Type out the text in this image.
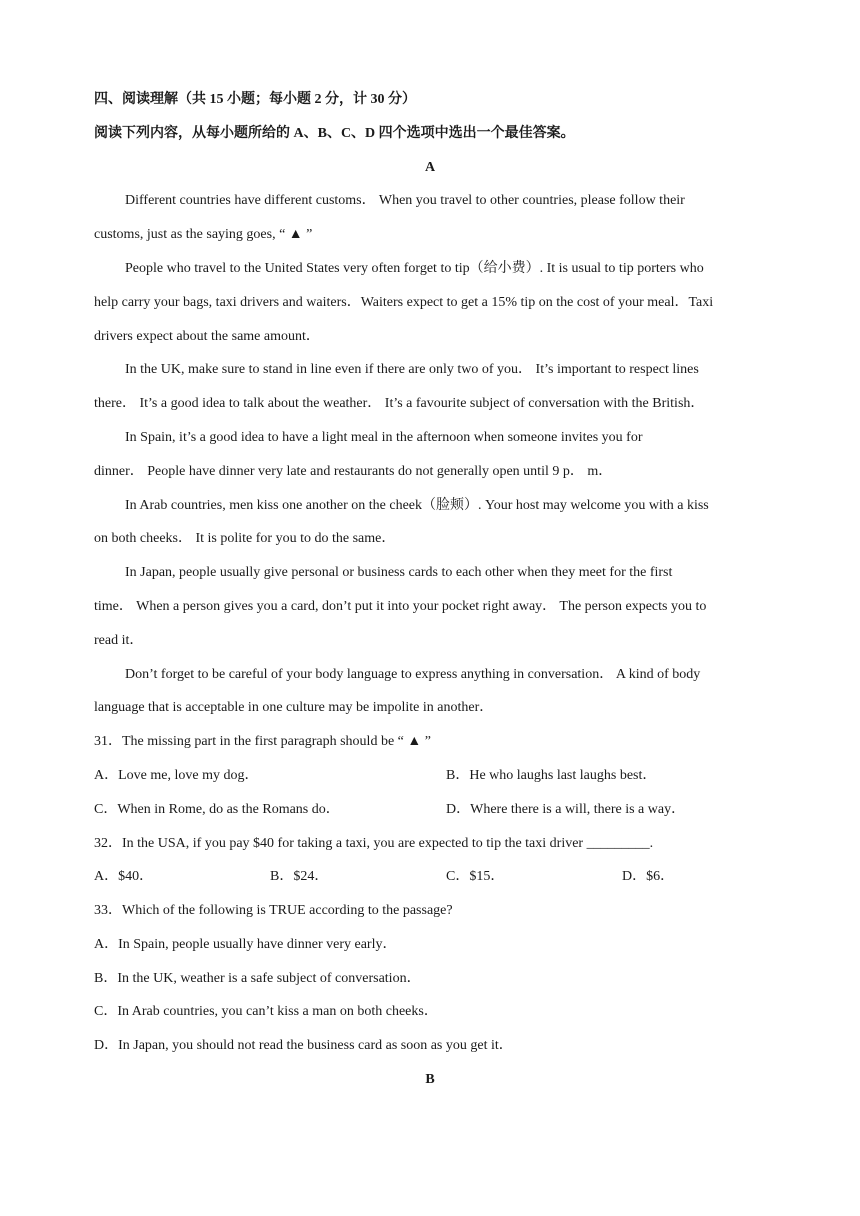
四、阅读理解（共 15 小题；每小题 2 分，计 30 分）
阅读下列内容，从每小题所给的 A、B、C、D 四个选项中选出一个最佳答案。
A
Different countries have different customs． When you travel to other countries, please follow their
customs, just as the saying goes, “ ▲ ”
People who travel to the United States very often forget to tip（给小费）. It is usual to tip porters who
help carry your bags, taxi drivers and waiters．Waiters expect to get a 15% tip on the cost of your meal．Taxi
drivers expect about the same amount．
In the UK, make sure to stand in line even if there are only two of you． It’s important to respect lines
there． It’s a good idea to talk about the weather． It’s a favourite subject of conversation with the British．
In Spain, it’s a good idea to have a light meal in the afternoon when someone invites you for
dinner． People have dinner very late and restaurants do not generally open until 9 p． m．
In Arab countries, men kiss one another on the cheek（脸颊）. Your host may welcome you with a kiss
on both cheeks． It is polite for you to do the same．
In Japan, people usually give personal or business cards to each other when they meet for the first
time． When a person gives you a card, don’t put it into your pocket right away． The person expects you to
read it．
Don’t forget to be careful of your body language to express anything in conversation． A kind of body
language that is acceptable in one culture may be impolite in another．
31．The missing part in the first paragraph should be “ ▲ ”
A．Love me, love my dog．	B．He who laughs last laughs best．
C．When in Rome, do as the Romans do．	D．Where there is a will, there is a way．
32．In the USA, if you pay $40 for taking a taxi, you are expected to tip the taxi driver _________.
A．$40．	B．$24．	C．$15．	D．$6．
33．Which of the following is TRUE according to the passage?
A．In Spain, people usually have dinner very early．
B．In the UK, weather is a safe subject of conversation．
C．In Arab countries, you can’t kiss a man on both cheeks．
D．In Japan, you should not read the business card as soon as you get it．
B
